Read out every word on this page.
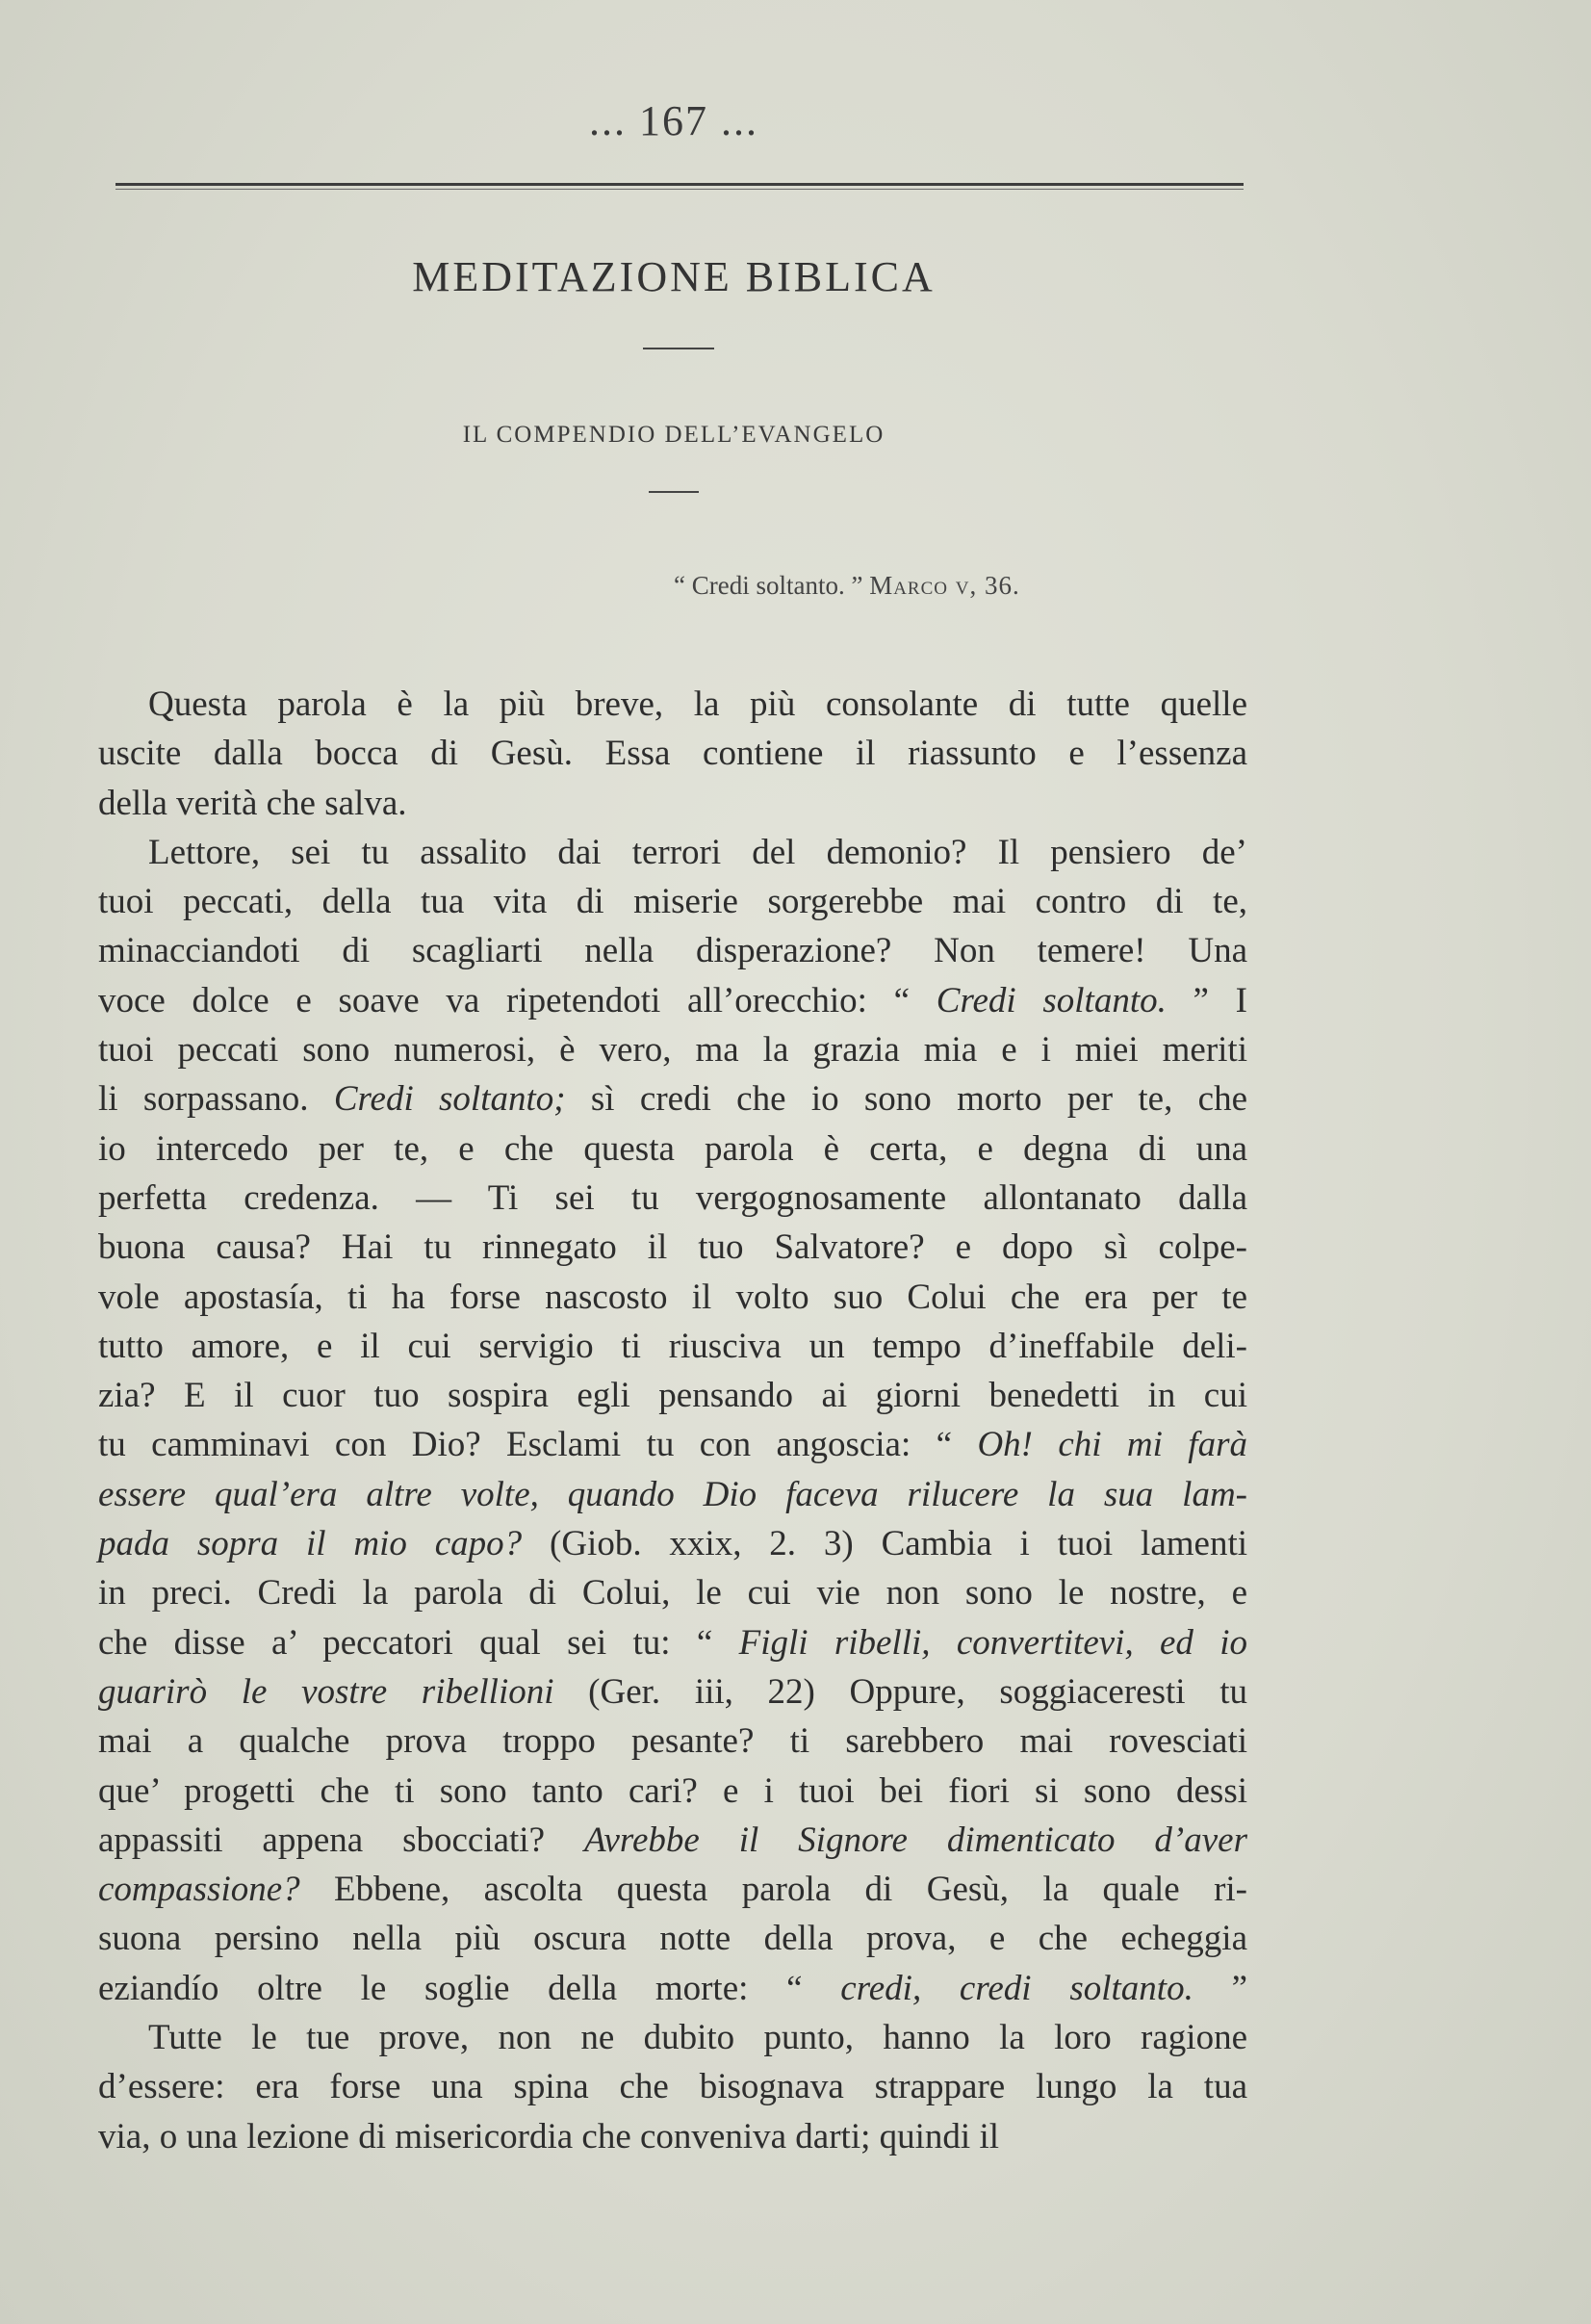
... 167 ...
MEDITAZIONE BIBLICA
IL COMPENDIO DELL’EVANGELO
“ Credi soltanto. ” Marco v, 36.
Questa parola è la più breve, la più consolante di tutte quelle
uscite dalla bocca di Gesù. Essa contiene il riassunto e l’essenza
della verità che salva.
Lettore, sei tu assalito dai terrori del demonio? Il pensiero de’
tuoi peccati, della tua vita di miserie sorgerebbe mai contro di te,
minacciandoti di scagliarti nella disperazione? Non temere! Una
voce dolce e soave va ripetendoti all’orecchio: “ Credi soltanto. ” I
tuoi peccati sono numerosi, è vero, ma la grazia mia e i miei meriti
li sorpassano. Credi soltanto; sì credi che io sono morto per te, che
io intercedo per te, e che questa parola è certa, e degna di una
perfetta credenza. — Ti sei tu vergognosamente allontanato dalla
buona causa? Hai tu rinnegato il tuo Salvatore? e dopo sì colpe-
vole apostasía, ti ha forse nascosto il volto suo Colui che era per te
tutto amore, e il cui servigio ti riusciva un tempo d’ineffabile deli-
zia? E il cuor tuo sospira egli pensando ai giorni benedetti in cui
tu camminavi con Dio? Esclami tu con angoscia: “ Oh! chi mi farà
essere qual’era altre volte, quando Dio faceva rilucere la sua lam-
pada sopra il mio capo? (Giob. xxix, 2. 3) Cambia i tuoi lamenti
in preci. Credi la parola di Colui, le cui vie non sono le nostre, e
che disse a’ peccatori qual sei tu: “ Figli ribelli, convertitevi, ed io
guarirò le vostre ribellioni (Ger. iii, 22) Oppure, soggiaceresti tu
mai a qualche prova troppo pesante? ti sarebbero mai rovesciati
que’ progetti che ti sono tanto cari? e i tuoi bei fiori si sono dessi
appassiti appena sbocciati? Avrebbe il Signore dimenticato d’aver
compassione? Ebbene, ascolta questa parola di Gesù, la quale ri-
suona persino nella più oscura notte della prova, e che echeggia
eziandío oltre le soglie della morte: “ credi, credi soltanto. ”
Tutte le tue prove, non ne dubito punto, hanno la loro ragione
d’essere: era forse una spina che bisognava strappare lungo la tua
via, o una lezione di misericordia che conveniva darti; quindi il
